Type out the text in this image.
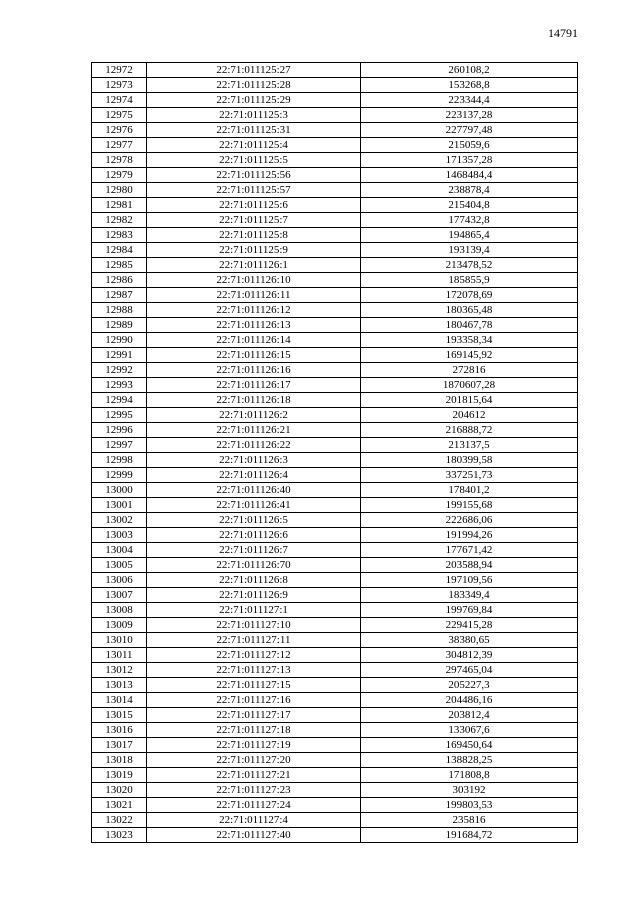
14791
12972	22:71:011125:27	260108,2
12973	22:71:011125:28	153268,8
12974	22:71:011125:29	223344,4
12975	22:71:011125:3	223137,28
12976	22:71:011125:31	227797,48
12977	22:71:011125:4	215059,6
12978	22:71:011125:5	171357,28
12979	22:71:011125:56	1468484,4
12980	22:71:011125:57	238878,4
12981	22:71:011125:6	215404,8
12982	22:71:011125:7	177432,8
12983	22:71:011125:8	194865,4
12984	22:71:011125:9	193139,4
12985	22:71:011126:1	213478,52
12986	22:71:011126:10	185855,9
12987	22:71:011126:11	172078,69
12988	22:71:011126:12	180365,48
12989	22:71:011126:13	180467,78
12990	22:71:011126:14	193358,34
12991	22:71:011126:15	169145,92
12992	22:71:011126:16	272816
12993	22:71:011126:17	1870607,28
12994	22:71:011126:18	201815,64
12995	22:71:011126:2	204612
12996	22:71:011126:21	216888,72
12997	22:71:011126:22	213137,5
12998	22:71:011126:3	180399,58
12999	22:71:011126:4	337251,73
13000	22:71:011126:40	178401,2
13001	22:71:011126:41	199155,68
13002	22:71:011126:5	222686,06
13003	22:71:011126:6	191994,26
13004	22:71:011126:7	177671,42
13005	22:71:011126:70	203588,94
13006	22:71:011126:8	197109,56
13007	22:71:011126:9	183349,4
13008	22:71:011127:1	199769,84
13009	22:71:011127:10	229415,28
13010	22:71:011127:11	38380,65
13011	22:71:011127:12	304812,39
13012	22:71:011127:13	297465,04
13013	22:71:011127:15	205227,3
13014	22:71:011127:16	204486,16
13015	22:71:011127:17	203812,4
13016	22:71:011127:18	133067,6
13017	22:71:011127:19	169450,64
13018	22:71:011127:20	138828,25
13019	22:71:011127:21	171808,8
13020	22:71:011127:23	303192
13021	22:71:011127:24	199803,53
13022	22:71:011127:4	235816
13023	22:71:011127:40	191684,72
